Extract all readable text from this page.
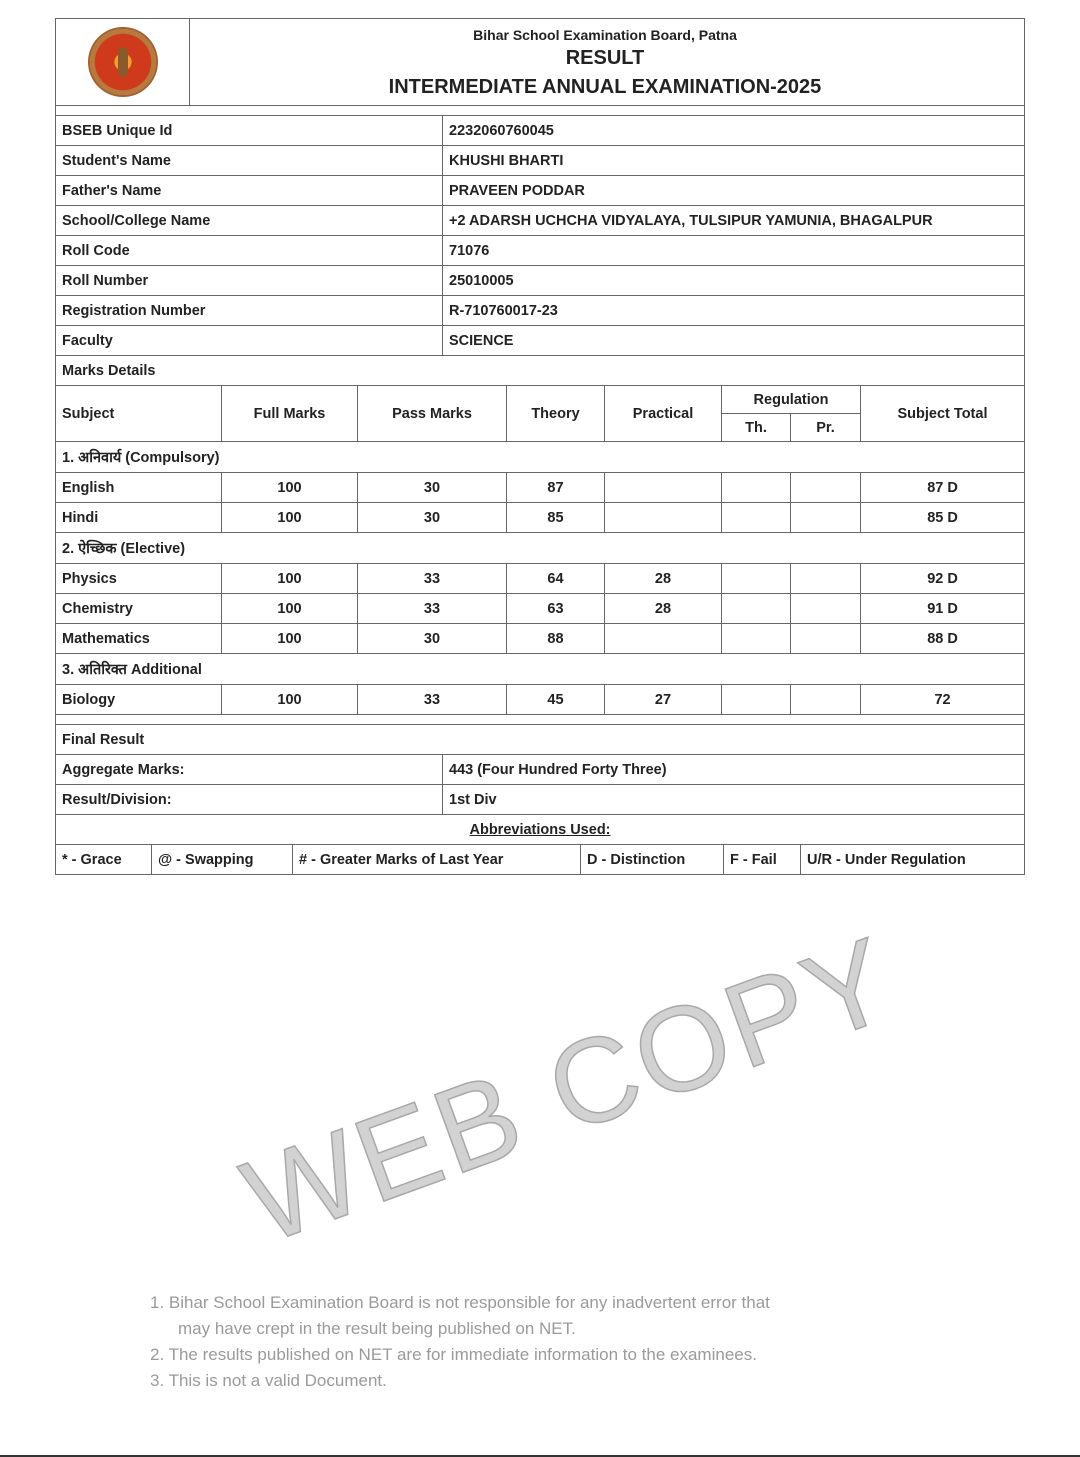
Bihar School Examination Board, Patna
RESULT
INTERMEDIATE ANNUAL EXAMINATION-2025

BSEB Unique Id	2232060760045
Student's Name	KHUSHI BHARTI
Father's Name	PRAVEEN PODDAR
School/College Name	+2 ADARSH UCHCHA VIDYALAYA, TULSIPUR YAMUNIA, BHAGALPUR
Roll Code	71076
Roll Number	25010005
Registration Number	R-710760017-23
Faculty	SCIENCE
Marks Details	
Subject	Full Marks	Pass Marks	Theory	Practical	Regulation		Subject Total
					Th.	Pr.	
1. अनिवार्य (Compulsory)							
English	100	30	87				87 D
Hindi	100	30	85				85 D
2. ऐच्छिक (Elective)							
Physics	100	33	64	28			92 D
Chemistry	100	33	63	28			91 D
Mathematics	100	30	88				88 D
3. अतिरिक्त Additional							
Biology	100	33	45	27			72

Final Result	
Aggregate Marks:	443 (Four Hundred Forty Three)
Result/Division:	1st Div
Abbreviations Used:	
* - Grace	@ - Swapping	# - Greater Marks of Last Year	D - Distinction	F - Fail	U/R - Under Regulation
WEB COPY
1. Bihar School Examination Board is not responsible for any inadvertent error that
may have crept in the result being published on NET.
2. The results published on NET are for immediate information to the examinees.
3. This is not a valid Document.
